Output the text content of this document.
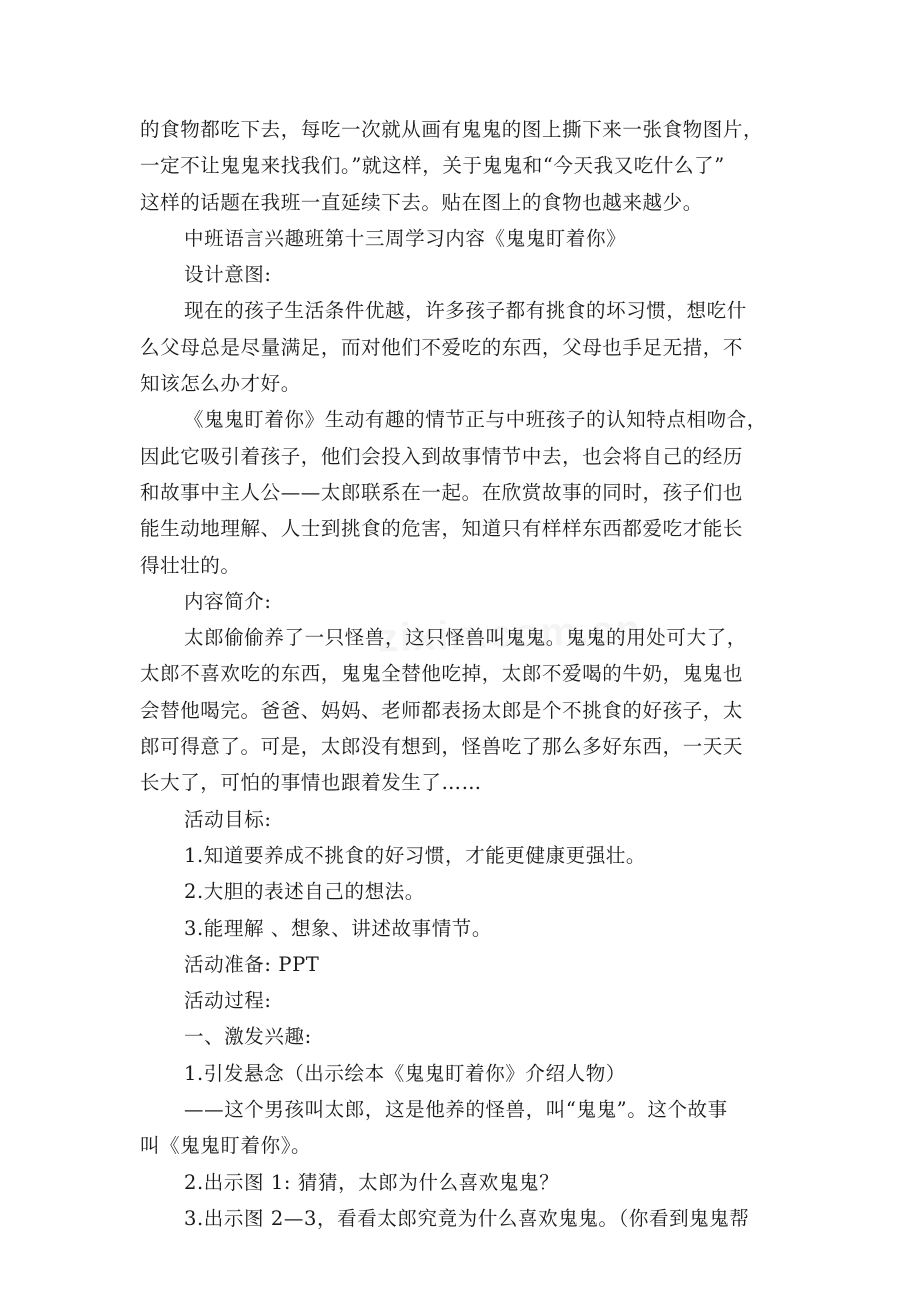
的食物都吃下去，每吃一次就从画有鬼鬼的图上撕下来一张食物图片，
一定不让鬼鬼来找我们。”就这样，关于鬼鬼和“今天我又吃什么了”
这样的话题在我班一直延续下去。贴在图上的食物也越来越少。
中班语言兴趣班第十三周学习内容《鬼鬼盯着你》
设计意图:
现在的孩子生活条件优越，许多孩子都有挑食的坏习惯，想吃什
么父母总是尽量满足，而对他们不爱吃的东西，父母也手足无措，不
知该怎么办才好。
《鬼鬼盯着你》生动有趣的情节正与中班孩子的认知特点相吻合，
因此它吸引着孩子，他们会投入到故事情节中去，也会将自己的经历
和故事中主人公——太郎联系在一起。在欣赏故事的同时，孩子们也
能生动地理解、人士到挑食的危害，知道只有样样东西都爱吃才能长
得壮壮的。
内容简介:
太郎偷偷养了一只怪兽，这只怪兽叫鬼鬼。鬼鬼的用处可大了，
太郎不喜欢吃的东西，鬼鬼全替他吃掉，太郎不爱喝的牛奶，鬼鬼也
会替他喝完。爸爸、妈妈、老师都表扬太郎是个不挑食的好孩子，太
郎可得意了。可是，太郎没有想到，怪兽吃了那么多好东西，一天天
长大了，可怕的事情也跟着发生了……
活动目标:
1.知道要养成不挑食的好习惯，才能更健康更强壮。
2.大胆的表述自己的想法。
3.能理解 、想象、讲述故事情节。
活动准备: PPT
活动过程:
一、激发兴趣:
1.引发悬念（出示绘本《鬼鬼盯着你》介绍人物）
——这个男孩叫太郎，这是他养的怪兽，叫“鬼鬼”。这个故事
叫《鬼鬼盯着你》。
2.出示图 1: 猜猜，太郎为什么喜欢鬼鬼？
3.出示图 2—3，看看太郎究竟为什么喜欢鬼鬼。（你看到鬼鬼帮
